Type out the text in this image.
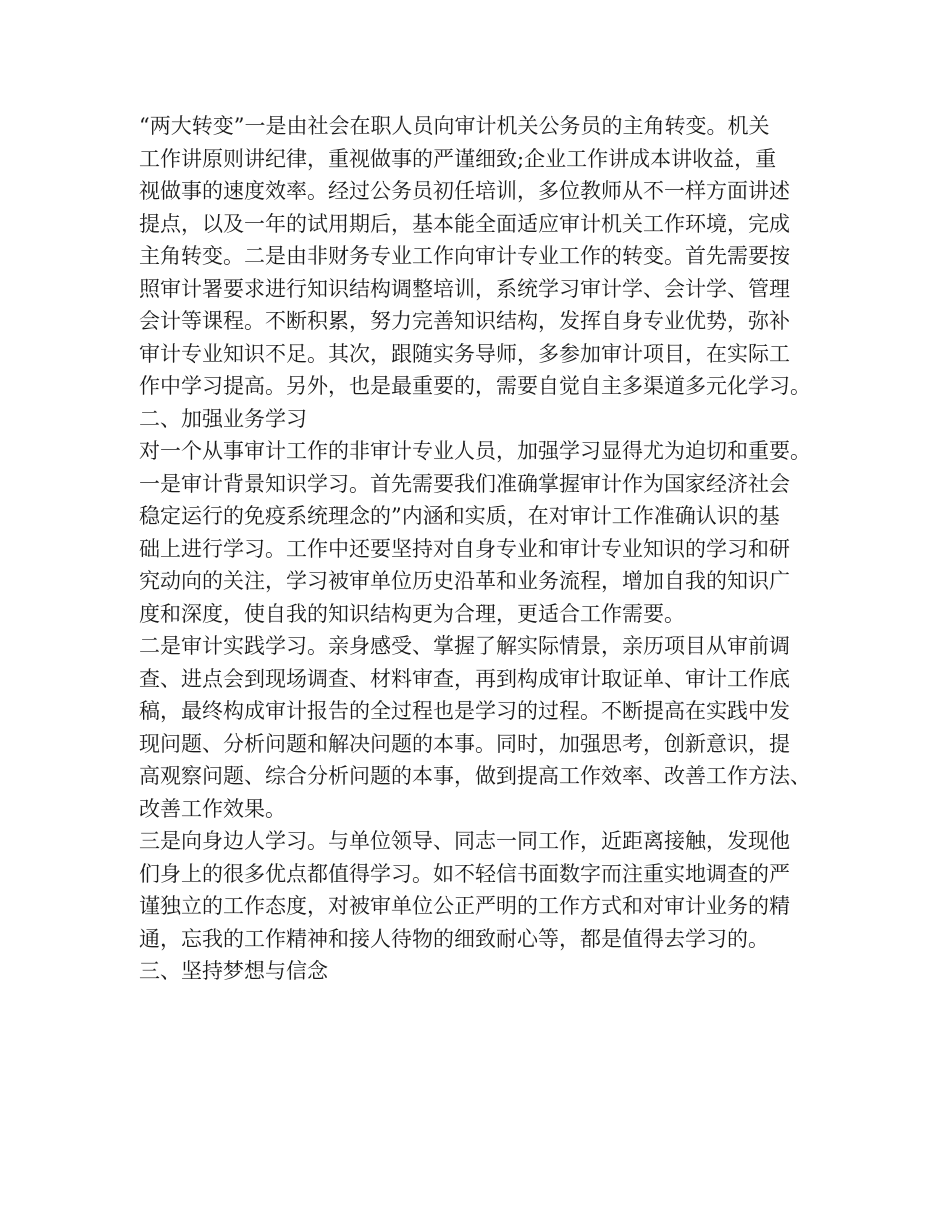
“两大转变”一是由社会在职人员向审计机关公务员的主角转变。机关
工作讲原则讲纪律，重视做事的严谨细致;企业工作讲成本讲收益，重
视做事的速度效率。经过公务员初任培训，多位教师从不一样方面讲述
提点，以及一年的试用期后，基本能全面适应审计机关工作环境，完成
主角转变。二是由非财务专业工作向审计专业工作的转变。首先需要按
照审计署要求进行知识结构调整培训，系统学习审计学、会计学、管理
会计等课程。不断积累，努力完善知识结构，发挥自身专业优势，弥补
审计专业知识不足。其次，跟随实务导师，多参加审计项目，在实际工
作中学习提高。另外，也是最重要的，需要自觉自主多渠道多元化学习。
二、加强业务学习
对一个从事审计工作的非审计专业人员，加强学习显得尤为迫切和重要。
一是审计背景知识学习。首先需要我们准确掌握审计作为国家经济社会
稳定运行的免疫系统理念的”内涵和实质，在对审计工作准确认识的基
础上进行学习。工作中还要坚持对自身专业和审计专业知识的学习和研
究动向的关注，学习被审单位历史沿革和业务流程，增加自我的知识广
度和深度，使自我的知识结构更为合理，更适合工作需要。
二是审计实践学习。亲身感受、掌握了解实际情景，亲历项目从审前调
查、进点会到现场调查、材料审查，再到构成审计取证单、审计工作底
稿，最终构成审计报告的全过程也是学习的过程。不断提高在实践中发
现问题、分析问题和解决问题的本事。同时，加强思考，创新意识，提
高观察问题、综合分析问题的本事，做到提高工作效率、改善工作方法、
改善工作效果。
三是向身边人学习。与单位领导、同志一同工作，近距离接触，发现他
们身上的很多优点都值得学习。如不轻信书面数字而注重实地调查的严
谨独立的工作态度，对被审单位公正严明的工作方式和对审计业务的精
通，忘我的工作精神和接人待物的细致耐心等，都是值得去学习的。
三、坚持梦想与信念
